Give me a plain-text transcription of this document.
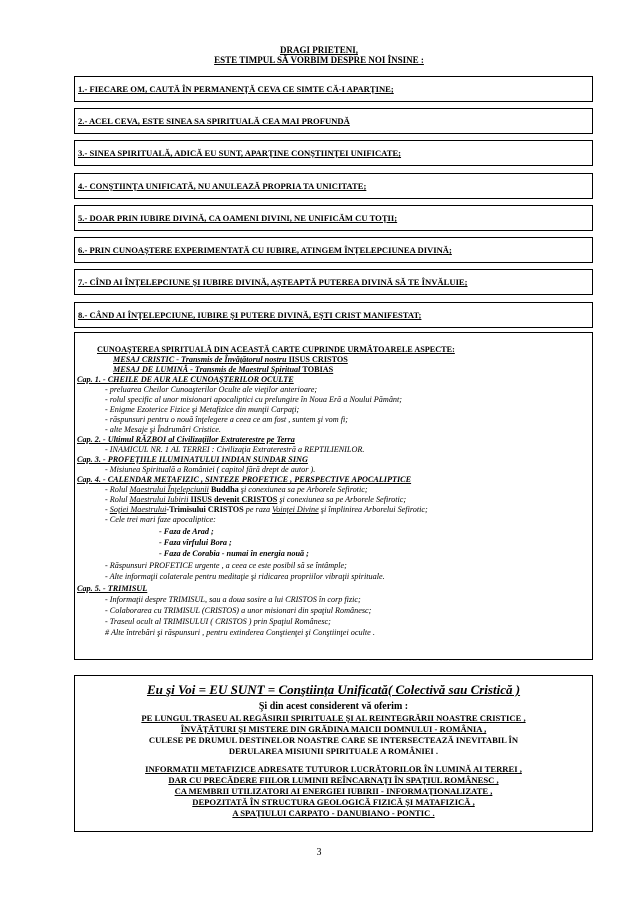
DRAGI PRIETENI,
ESTE TIMPUL SĂ VORBIM DESPRE NOI ÎNSINE :
1.- FIECARE OM, CAUTĂ ÎN PERMANENŢĂ CEVA CE SIMTE CĂ-I APARŢINE;
2.- ACEL CEVA, ESTE SINEA SA SPIRITUALĂ CEA MAI PROFUNDĂ
3.- SINEA SPIRITUALĂ, ADICĂ EU SUNT, APARŢINE CONŞTIINŢEI UNIFICATE;
4.- CONŞTIINŢA UNIFICATĂ, NU ANULEAZĂ PROPRIA TA UNICITATE;
5.- DOAR PRIN IUBIRE DIVINĂ, CA OAMENI DIVINI, NE UNIFICĂM CU TOŢII;
6.- PRIN CUNOAŞTERE EXPERIMENTATĂ CU IUBIRE, ATINGEM ÎNŢELEPCIUNEA DIVINĂ;
7.- CÎND AI ÎNŢELEPCIUNE ŞI IUBIRE DIVINĂ, AŞTEAPTĂ PUTEREA DIVINĂ SĂ TE ÎNVĂLUIE;
8.- CÂND AI ÎNŢELEPCIUNE, IUBIRE ŞI PUTERE DIVINĂ, EŞTI CRIST MANIFESTAT;
CUNOAŞTEREA SPIRITUALĂ DIN ACEASTĂ CARTE CUPRINDE URMĂTOARELE ASPECTE:
MESAJ CRISTIC - Transmis de Învăţătorul nostru IISUS CRISTOS
MESAJ DE LUMINĂ - Transmis de Maestrul Spiritual TOBIAS
Cap. 1. - CHEILE DE AUR ALE CUNOAŞTERILOR OCULTE
- preluarea Cheilor Cunoaşterilor Oculte ale vieţilor anterioare;
- rolul specific al unor misionari apocaliptici cu prelungire în Noua Eră a Noului Pământ;
- Enigme Ezoterice Fizice şi Metafizice din munţii Carpaţi;
- răspunsuri pentru o nouă înţelegere a ceea ce am fost , suntem şi vom fi;
- alte Mesaje şi Îndrumări Cristice.
Cap. 2. - Ultimul RĂZBOI al Civilizaţiilor Extraterestre pe Terra
- INAMICUL NR. 1 AL TERREI : Civilizaţia Extraterestră a REPTILIENILOR.
Cap. 3. - PROFEŢIILE ILUMINATULUI INDIAN SUNDAR SING
- Misiunea Spirituală a României ( capitol fără drept de autor ).
Cap. 4. - CALENDAR METAFIZIC , SINTEZE PROFETICE , PERSPECTIVE APOCALIPTICE
- Rolul Maestrului Înţelepciunii Buddha şi conexiunea sa pe Arborele Sefirotic;
- Rolul Maestrului Iubirii IISUS devenit CRISTOS şi conexiunea sa pe Arborele Sefirotic;
- Soţiei Maestrului-Trimisului CRISTOS pe raza Voinţei Divine şi împlinirea Arborelui Sefirotic;
- Cele trei mari faze apocaliptice:
- Faza de Arad ;
- Faza vîrfului Bora ;
- Faza de Corabia - numai în energia nouă ;
- Răspunsuri PROFETICE urgente , a ceea ce este posibil să se întâmple;
- Alte informaţii colaterale pentru meditaţie şi ridicarea propriilor vibraţii spirituale.
Cap. 5. - TRIMISUL
- Informaţii despre TRIMISUL, sau a doua sosire a lui CRISTOS în corp fizic;
- Colaborarea cu TRIMISUL (CRISTOS) a unor misionari din spaţiul Românesc;
- Traseul ocult al TRIMISULUI ( CRISTOS ) prin Spaţiul Românesc;
# Alte întrebări şi răspunsuri , pentru extinderea Conştienţei şi Conştiinţei oculte .
Eu şi Voi = EU SUNT = Conştiinţa Unificată( Colectivă sau Cristică )
Şi din acest considerent vă oferim :
PE LUNGUL TRASEU AL REGĂSIRII SPIRITUALE ŞI AL REINTEGRĂRII NOASTRE CRISTICE ,
ÎNVĂŢĂTURI ŞI MISTERE DIN GRĂDINA MAICII DOMNULUI - ROMÂNIA ,
CULESE PE DRUMUL DESTINELOR NOASTRE CARE SE INTERSECTEAZĂ INEVITABIL ÎN
DERULAREA MISIUNII SPIRITUALE A ROMÂNIEI .
INFORMATII METAFIZICE ADRESATE TUTUROR LUCRĂTORILOR ÎN LUMINĂ AI TERREI ,
DAR CU PRECĂDERE FIILOR LUMINII REÎNCARNAŢI ÎN SPAŢIUL ROMÂNESC ,
CA MEMBRII UTILIZATORI AI ENERGIEI IUBIRII - INFORMAŢIONALIZATE ,
DEPOZITATĂ ÎN STRUCTURA GEOLOGICĂ FIZICĂ ŞI MATAFIZICĂ ,
A SPAŢIULUI CARPATO - DANUBIANO - PONTIC .
3
